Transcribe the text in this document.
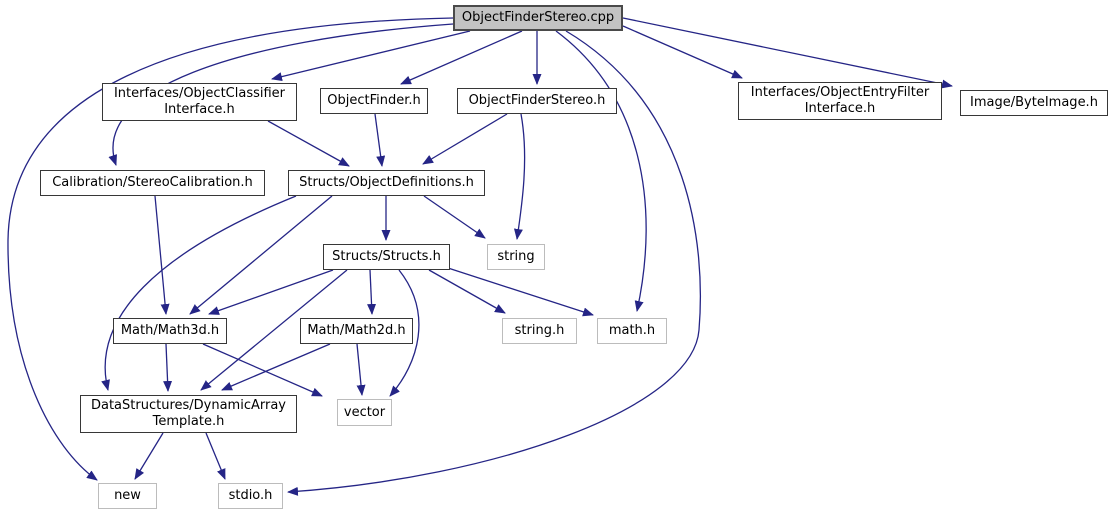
ObjectFinderStereo.cpp
Interfaces/ObjectClassifier
Interface.h
ObjectFinder.h	ObjectFinderStereo.h
Interfaces/ObjectEntryFilter
Interface.h	Image/ByteImage.h
Calibration/StereoCalibration.h	Structs/ObjectDefinitions.h
Structs/Structs.h	string
Math/Math3d.h	Math/Math2d.h	string.h	math.h
DataStructures/DynamicArray
Template.h
vector
new	stdio.h
